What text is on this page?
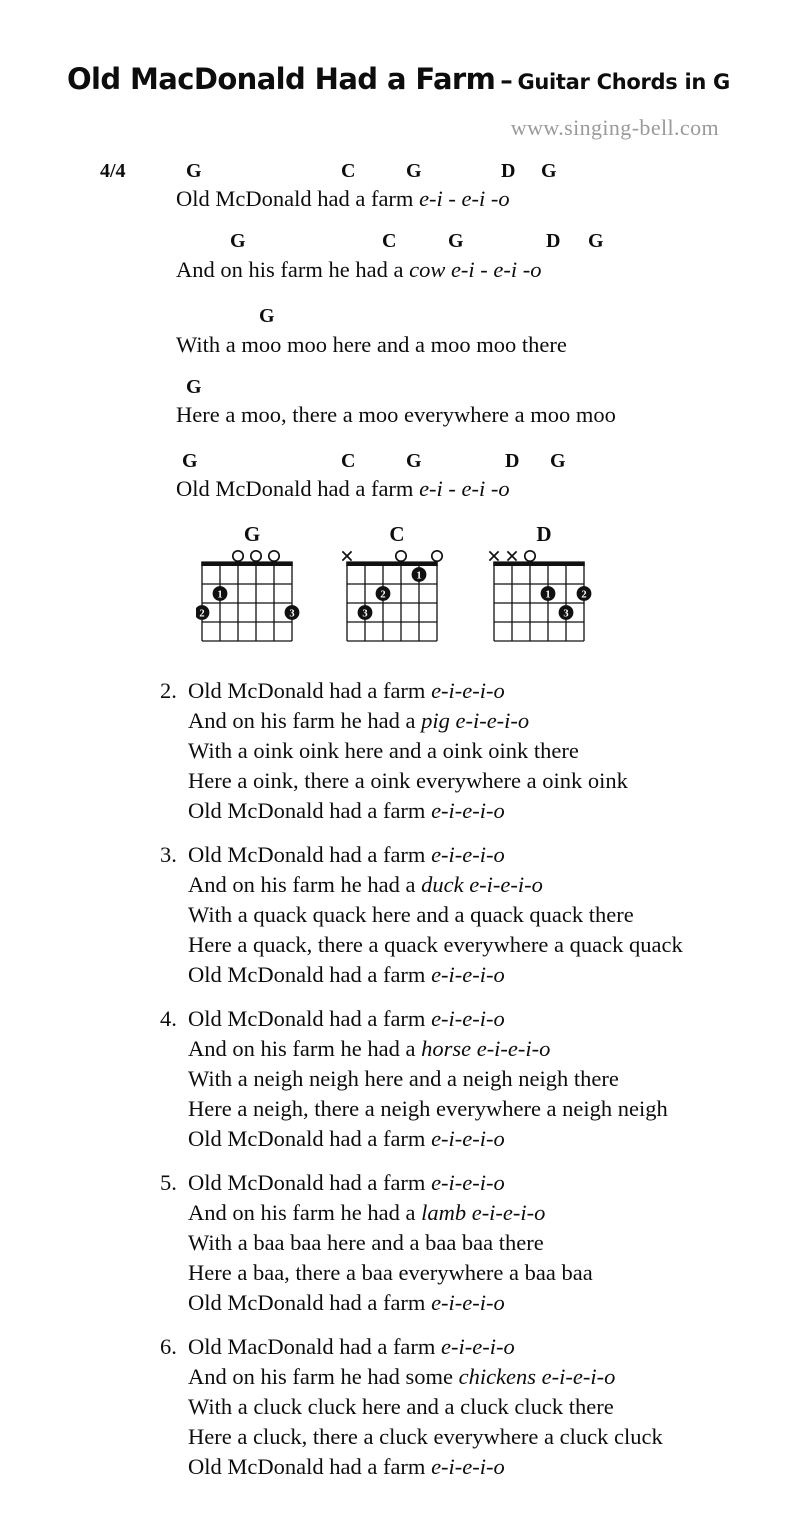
Old MacDonald Had a Farm – Guitar Chords in G
www.singing-bell.com
4/4	G	C	G	D G
Old McDonald had a farm e-i - e-i -o
G	C	G	D G
And on his farm he had a cow e-i - e-i -o
G
With a moo moo here and a moo moo there
G
Here a moo, there a moo everywhere a moo moo
G	C	G	D G
Old McDonald had a farm e-i - e-i -o
G
1
2	3
C
1
2
3
D
1	2
3
2. Old McDonald had a farm e-i-e-i-o
And on his farm he had a pig e-i-e-i-o
With a oink oink here and a oink oink there
Here a oink, there a oink everywhere a oink oink
Old McDonald had a farm e-i-e-i-o
3. Old McDonald had a farm e-i-e-i-o
And on his farm he had a duck e-i-e-i-o
With a quack quack here and a quack quack there
Here a quack, there a quack everywhere a quack quack
Old McDonald had a farm e-i-e-i-o
4. Old McDonald had a farm e-i-e-i-o
And on his farm he had a horse e-i-e-i-o
With a neigh neigh here and a neigh neigh there
Here a neigh, there a neigh everywhere a neigh neigh
Old McDonald had a farm e-i-e-i-o
5. Old McDonald had a farm e-i-e-i-o
And on his farm he had a lamb e-i-e-i-o
With a baa baa here and a baa baa there
Here a baa, there a baa everywhere a baa baa
Old McDonald had a farm e-i-e-i-o
6. Old MacDonald had a farm e-i-e-i-o
And on his farm he had some chickens e-i-e-i-o
With a cluck cluck here and a cluck cluck there
Here a cluck, there a cluck everywhere a cluck cluck
Old McDonald had a farm e-i-e-i-o
